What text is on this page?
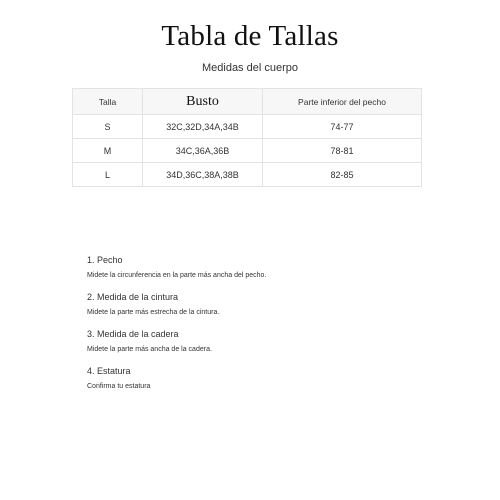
Tabla de Tallas
Medidas del cuerpo
Talla	Busto	Parte inferior del pecho
S	32C,32D,34A,34B	74-77
M	34C,36A,36B	78-81
L	34D,36C,38A,38B	82-85
1. Pecho
Midete la circunferencia en la parte más ancha del pecho.
2. Medida de la cintura
Midete la parte más estrecha de la cintura.
3. Medida de la cadera
Midete la parte más ancha de la cadera.
4. Estatura
Confirma tu estatura
